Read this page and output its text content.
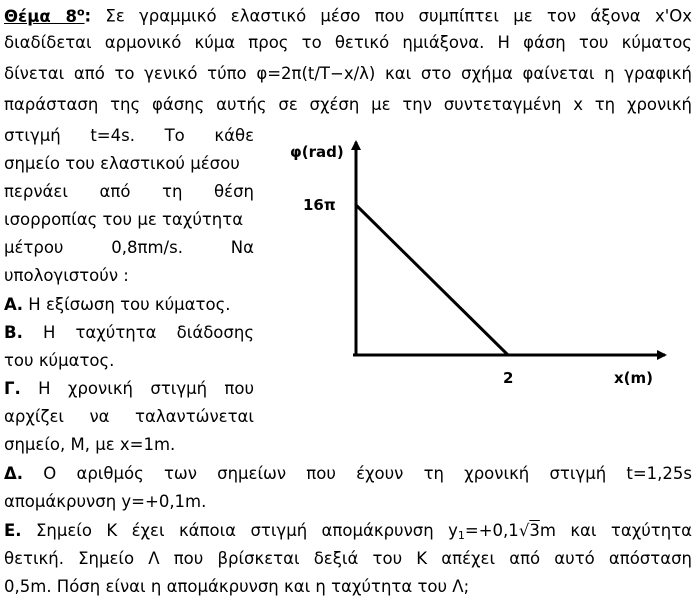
Θέμα $8^o$: Σε γραμμικό ελαστικό μέσο που συμπίπτει με τον άξονα x'Ox

διαδίδεται αρμονικό κύμα προς το θετικό ημιάξονα. Η φάση του κύματος

δίνεται από το γενικό τύπο φ=2π(t/T−x/λ) και στο σχήμα φαίνεται η γραφική

παράσταση της φάσης αυτής σε σχέση με την συντεταγμένη x τη χρονική

στιγμή t=4s. Το κάθε

σημείο του ελαστικού μέσου

περνάει από τη θέση

ισορροπίας του με ταχύτητα

μέτρου 0,8πm/s. Να

υπολογιστούν :

Α. Η εξίσωση του κύματος.

Β. Η ταχύτητα διάδοσης

του κύματος.

Γ. Η χρονική στιγμή που

αρχίζει να ταλαντώνεται

σημείο, Μ, με x=1m.

Δ. Ο αριθμός των σημείων που έχουν τη χρονική στιγμή t=1,25s

απομάκρυνση y=+0,1m.

Ε. Σημείο Κ έχει κάποια στιγμή απομάκρυνση $y_1=+0,1√3m$ και ταχύτητα

θετική. Σημείο Λ που βρίσκεται δεξιά του Κ απέχει από αυτό απόσταση

0,5m. Πόση είναι η απομάκρυνση και η ταχύτητα του Λ;

φ(rad)
16π
2	x(m)
